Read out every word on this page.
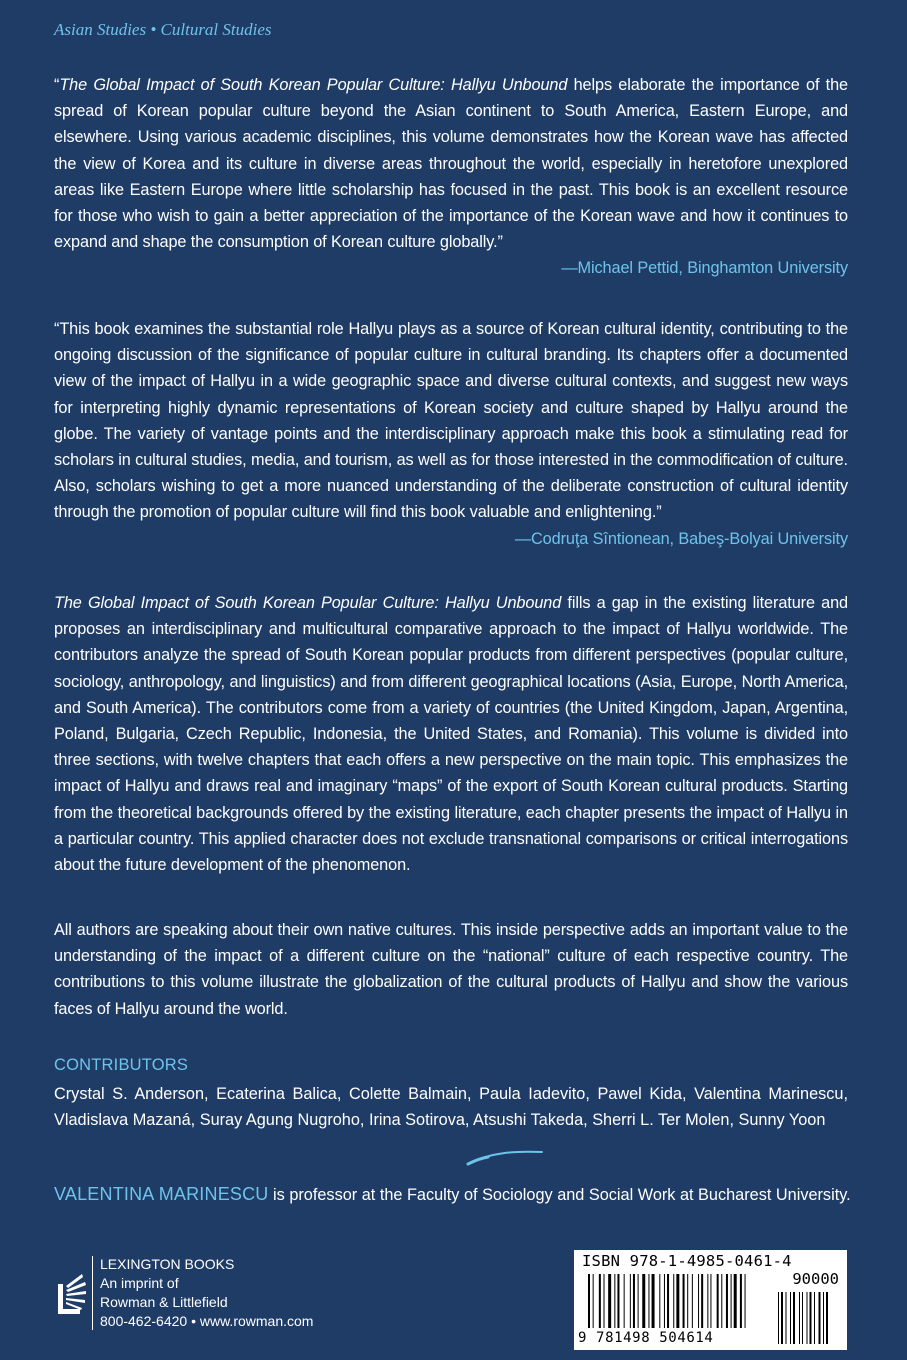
Asian Studies • Cultural Studies

“The Global Impact of South Korean Popular Culture: Hallyu Unbound helps elaborate the importance of the spread of Korean popular culture beyond the Asian continent to South America, Eastern Europe, and elsewhere. Using various academic disciplines, this volume demonstrates how the Korean wave has affected the view of Korea and its culture in diverse areas throughout the world, especially in heretofore unexplored areas like Eastern Europe where little scholarship has focused in the past. This book is an excellent resource for those who wish to gain a better appreciation of the importance of the Korean wave and how it continues to expand and shape the consumption of Korean culture globally.”

—Michael Pettid, Binghamton University

“This book examines the substantial role Hallyu plays as a source of Korean cultural identity, contributing to the ongoing discussion of the significance of popular culture in cultural branding. Its chapters offer a documented view of the impact of Hallyu in a wide geographic space and diverse cultural contexts, and suggest new ways for interpreting highly dynamic representations of Korean society and culture shaped by Hallyu around the globe. The variety of vantage points and the interdisciplinary approach make this book a stimulating read for scholars in cultural studies, media, and tourism, as well as for those interested in the commodification of culture. Also, scholars wishing to get a more nuanced understanding of the deliberate construction of cultural identity through the promotion of popular culture will find this book valuable and enlightening.”
—Codruţa Sîntionean, Babeş-Bolyai University

The Global Impact of South Korean Popular Culture: Hallyu Unbound fills a gap in the existing literature and proposes an interdisciplinary and multicultural comparative approach to the impact of Hallyu worldwide. The contributors analyze the spread of South Korean popular products from different perspectives (popular culture, sociology, anthropology, and linguistics) and from different geographical locations (Asia, Europe, North America, and South America). The contributors come from a variety of countries (the United Kingdom, Japan, Argentina, Poland, Bulgaria, Czech Republic, Indonesia, the United States, and Romania). This volume is divided into three sections, with twelve chapters that each offers a new perspective on the main topic. This emphasizes the impact of Hallyu and draws real and imaginary “maps” of the export of South Korean cultural products. Starting from the theoretical backgrounds offered by the existing literature, each chapter presents the impact of Hallyu in a particular country. This applied character does not exclude transnational comparisons or critical interrogations about the future development of the phenomenon.

All authors are speaking about their own native cultures. This inside perspective adds an important value to the understanding of the impact of a different culture on the “national” culture of each respective country. The contributions to this volume illustrate the globalization of the cultural products of Hallyu and show the various faces of Hallyu around the world.
CONTRIBUTORS
Crystal S. Anderson, Ecaterina Balica, Colette Balmain, Paula Iadevito, Pawel Kida, Valentina Marinescu, Vladislava Mazaná, Suray Agung Nugroho, Irina Sotirova, Atsushi Takeda, Sherri L. Ter Molen, Sunny Yoon
VALENTINA MARINESCU is professor at the Faculty of Sociology and Social Work at Bucharest University.
LEXINGTON BOOKS
An imprint of
Rowman & Littlefield
800-462-6420 • www.rowman.com
ISBN 978-1-4985-0461-4
90000
9 781498 504614
